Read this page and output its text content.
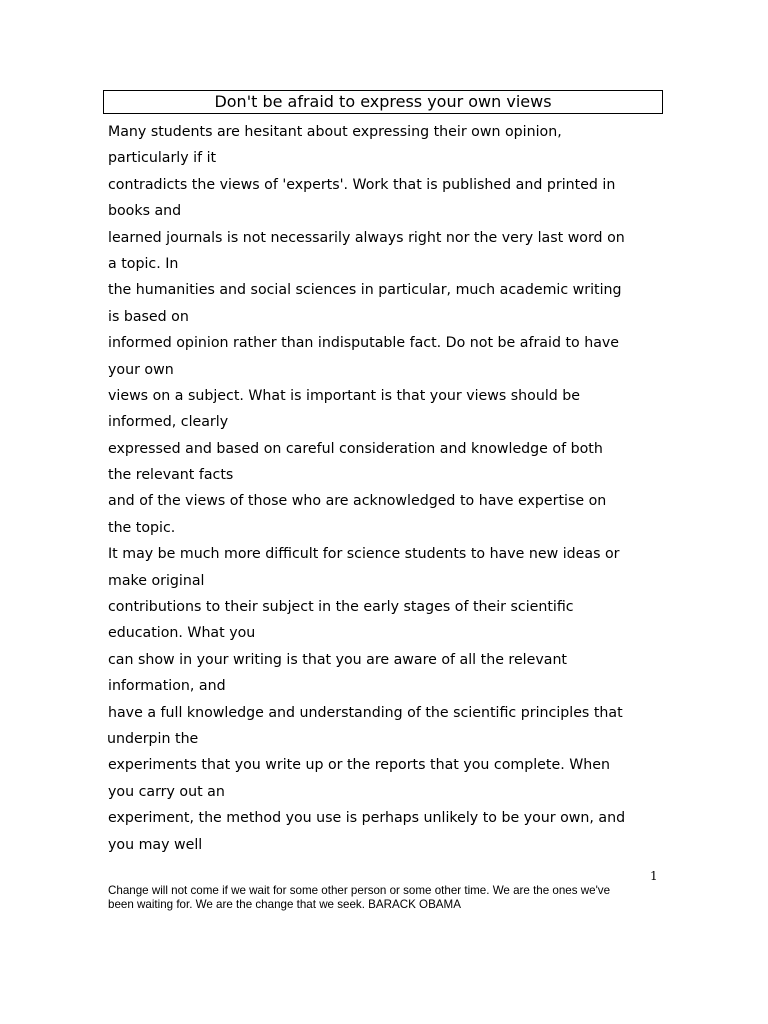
Don't be afraid to express your own views
Many students are hesitant about expressing their own opinion,
particularly if it
contradicts the views of 'experts'. Work that is published and printed in
books and
learned journals is not necessarily always right nor the very last word on
a topic. In
the humanities and social sciences in particular, much academic writing
is based on
informed opinion rather than indisputable fact. Do not be afraid to have
your own
views on a subject. What is important is that your views should be
informed, clearly
expressed and based on careful consideration and knowledge of both
the relevant facts
and of the views of those who are acknowledged to have expertise on
the topic.
It may be much more difficult for science students to have new ideas or
make original
contributions to their subject in the early stages of their scientific
education. What you
can show in your writing is that you are aware of all the relevant
information, and
have a full knowledge and understanding of the scientific principles that
underpin the
experiments that you write up or the reports that you complete. When
you carry out an
experiment, the method you use is perhaps unlikely to be your own, and
you may well
1
Change will not come if we wait for some other person or some other time. We are the ones we've
been waiting for. We are the change that we seek. BARACK OBAMA
